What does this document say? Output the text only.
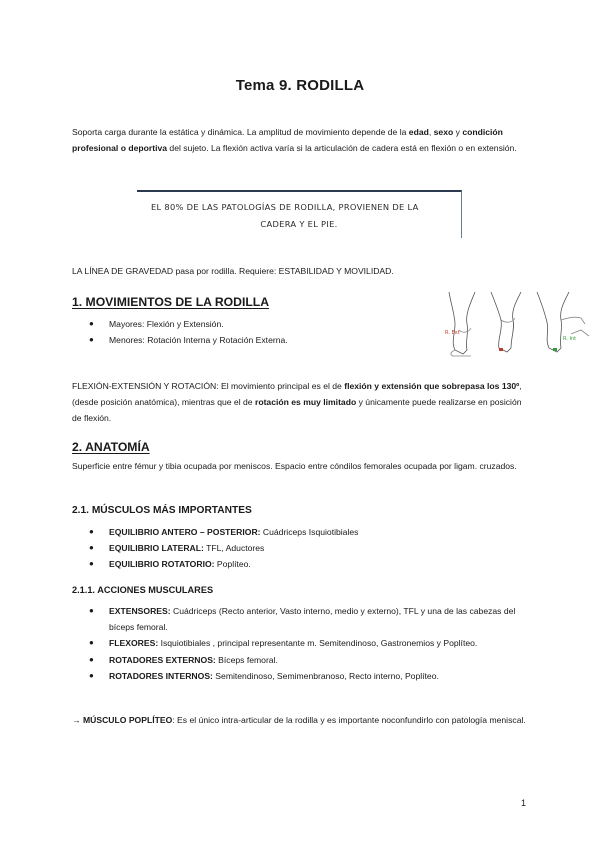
Tema 9. RODILLA
Soporta carga durante la estática y dinámica. La amplitud de movimiento depende de la edad, sexo y condición profesional o deportiva del sujeto. La flexión activa varía si la articulación de cadera está en flexión o en extensión.
EL 80% DE LAS PATOLOGÍAS DE RODILLA, PROVIENEN DE LA
CADERA Y EL PIE.
LA LÍNEA DE GRAVEDAD pasa por rodilla. Requiere: ESTABILIDAD Y MOVILIDAD.
1. MOVIMIENTOS DE LA RODILLA
● Mayores: Flexión y Extensión.
● Menores: Rotación Interna y Rotación Externa.
R. Ext
R. Int
FLEXIÓN-EXTENSIÓN Y ROTACIÓN: El movimiento principal es el de flexión y extensión que sobrepasa los 130º, (desde posición anatómica), mientras que el de rotación es muy limitado y únicamente puede realizarse en posición de flexión.
2. ANATOMÍA
Superficie entre fémur y tibia ocupada por meniscos. Espacio entre cóndilos femorales ocupada por ligam. cruzados.
2.1. MÚSCULOS MÁS IMPORTANTES
● EQUILIBRIO ANTERO – POSTERIOR: Cuádriceps Isquiotibiales
● EQUILIBRIO LATERAL: TFL, Aductores
● EQUILIBRIO ROTATORIO: Poplíteo.
2.1.1. ACCIONES MUSCULARES
● EXTENSORES: Cuádriceps (Recto anterior, Vasto interno, medio y externo), TFL y una de las cabezas del bíceps femoral.
● FLEXORES: Isquiotibiales , principal representante m. Semitendinoso, Gastronemios y Poplíteo.
● ROTADORES EXTERNOS: Bíceps femoral.
● ROTADORES INTERNOS: Semitendinoso, Semimenbranoso, Recto interno, Poplíteo.
→ MÚSCULO POPLÍTEO: Es el único intra-articular de la rodilla y es importante noconfundirlo con patología meniscal.
1
